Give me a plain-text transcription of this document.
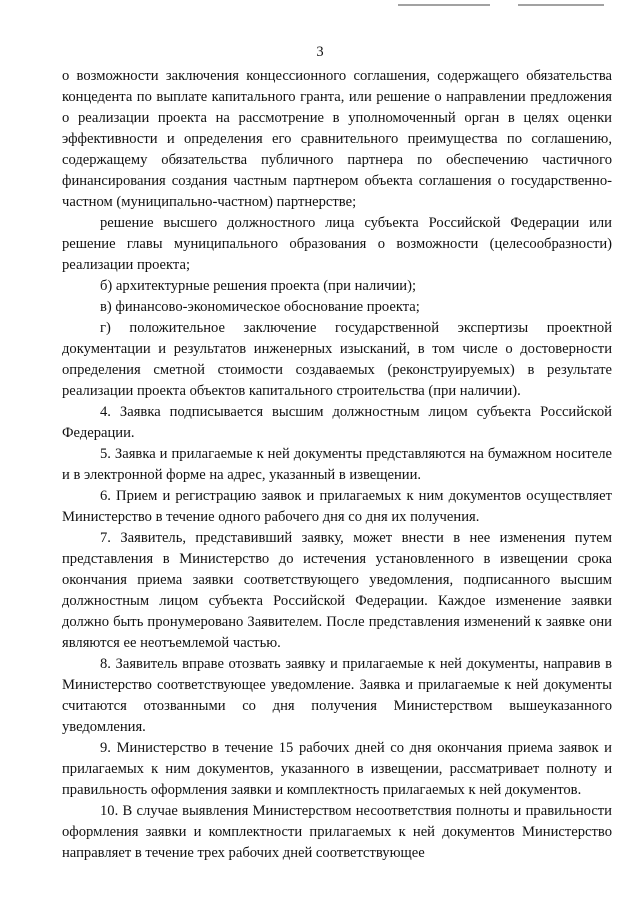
3

о возможности заключения концессионного соглашения, содержащего обязательства концедента по выплате капитального гранта, или решение о направлении предложения о реализации проекта на рассмотрение в уполномоченный орган в целях оценки эффективности и определения его сравнительного преимущества по соглашению, содержащему обязательства публичного партнера по обеспечению частичного финансирования создания частным партнером объекта соглашения о государственно-частном (муниципально-частном) партнерстве;

решение высшего должностного лица субъекта Российской Федерации или решение главы муниципального образования о возможности (целесообразности) реализации проекта;

б) архитектурные решения проекта (при наличии);

в) финансово-экономическое обоснование проекта;

г) положительное заключение государственной экспертизы проектной документации и результатов инженерных изысканий, в том числе о достоверности определения сметной стоимости создаваемых (реконструируемых) в результате реализации проекта объектов капитального строительства (при наличии).

4. Заявка подписывается высшим должностным лицом субъекта Российской Федерации.

5. Заявка и прилагаемые к ней документы представляются на бумажном носителе и в электронной форме на адрес, указанный в извещении.

6. Прием и регистрацию заявок и прилагаемых к ним документов осуществляет Министерство в течение одного рабочего дня со дня их получения.

7. Заявитель, представивший заявку, может внести в нее изменения путем представления в Министерство до истечения установленного в извещении срока окончания приема заявки соответствующего уведомления, подписанного высшим должностным лицом субъекта Российской Федерации. Каждое изменение заявки должно быть пронумеровано Заявителем. После представления изменений к заявке они являются ее неотъемлемой частью.

8. Заявитель вправе отозвать заявку и прилагаемые к ней документы, направив в Министерство соответствующее уведомление. Заявка и прилагаемые к ней документы считаются отозванными со дня получения Министерством вышеуказанного уведомления.

9. Министерство в течение 15 рабочих дней со дня окончания приема заявок и прилагаемых к ним документов, указанного в извещении, рассматривает полноту и правильность оформления заявки и комплектность прилагаемых к ней документов.

10. В случае выявления Министерством несоответствия полноты и правильности оформления заявки и комплектности прилагаемых к ней документов Министерство направляет в течение трех рабочих дней соответствующее
